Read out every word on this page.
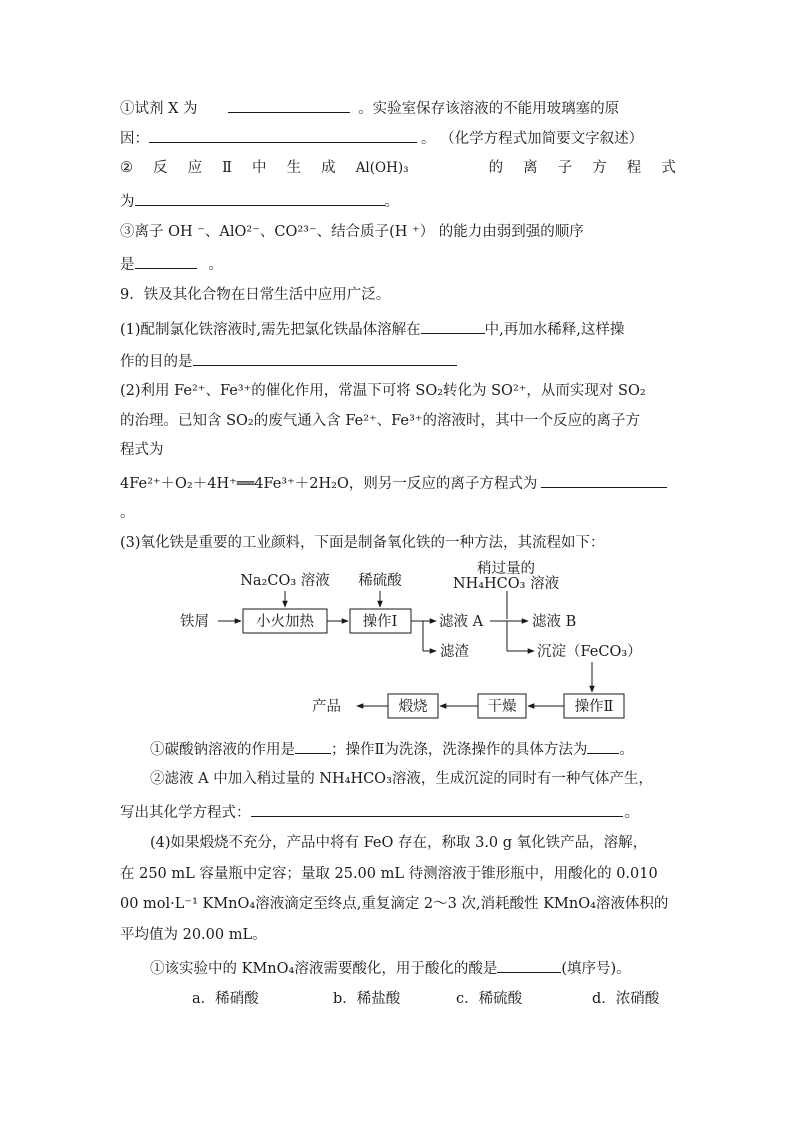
①试剂 X 为	。实验室保存该溶液的不能用玻璃塞的原
因：	。 （化学方程式加简要文字叙述）
② 反 应 Ⅱ 中 生 成 Al(OH)₃	的 离 子 方 程 式
为	。
③离子 OH ⁻、AlO²⁻、CO²³⁻、结合质子(H ⁺） 的能力由弱到强的顺序
是	。
9．铁及其化合物在日常生活中应用广泛。
(1)配制氯化铁溶液时,需先把氯化铁晶体溶解在	中,再加水稀释,这样操
作的目的是
(2)利用 Fe²⁺、Fe³⁺的催化作用，常温下可将 SO₂转化为 SO²⁺，从而实现对 SO₂
的治理。已知含 SO₂的废气通入含 Fe²⁺、Fe³⁺的溶液时，其中一个反应的离子方
程式为
4Fe²⁺＋O₂＋4H⁺══4Fe³⁺＋2H₂O，则另一反应的离子方程式为
。
(3)氧化铁是重要的工业颜料，下面是制备氧化铁的一种方法，其流程如下：
铁屑	小火加热	操作Ⅰ
Na₂CO₃ 溶液 稀硫酸
稍过量的
NH₄HCO₃ 溶液
滤液 A	滤液 B
滤渣	沉淀（FeCO₃）
操作Ⅱ
干燥
煅烧
产品
①碳酸钠溶液的作用是 ；操作Ⅱ为洗涤，洗涤操作的具体方法为 。
②滤液 A 中加入稍过量的 NH₄HCO₃溶液，生成沉淀的同时有一种气体产生，
写出其化学方程式：	。
(4)如果煅烧不充分，产品中将有 FeO 存在，称取 3.0 g 氧化铁产品，溶解，
在 250 mL 容量瓶中定容；量取 25.00 mL 待测溶液于锥形瓶中，用酸化的 0.010
00 mol·L⁻¹ KMnO₄溶液滴定至终点,重复滴定 2～3 次,消耗酸性 KMnO₄溶液体积的
平均值为 20.00 mL。
①该实验中的 KMnO₄溶液需要酸化，用于酸化的酸是	(填序号)。
a．稀硝酸	b．稀盐酸	c．稀硫酸	d．浓硝酸
